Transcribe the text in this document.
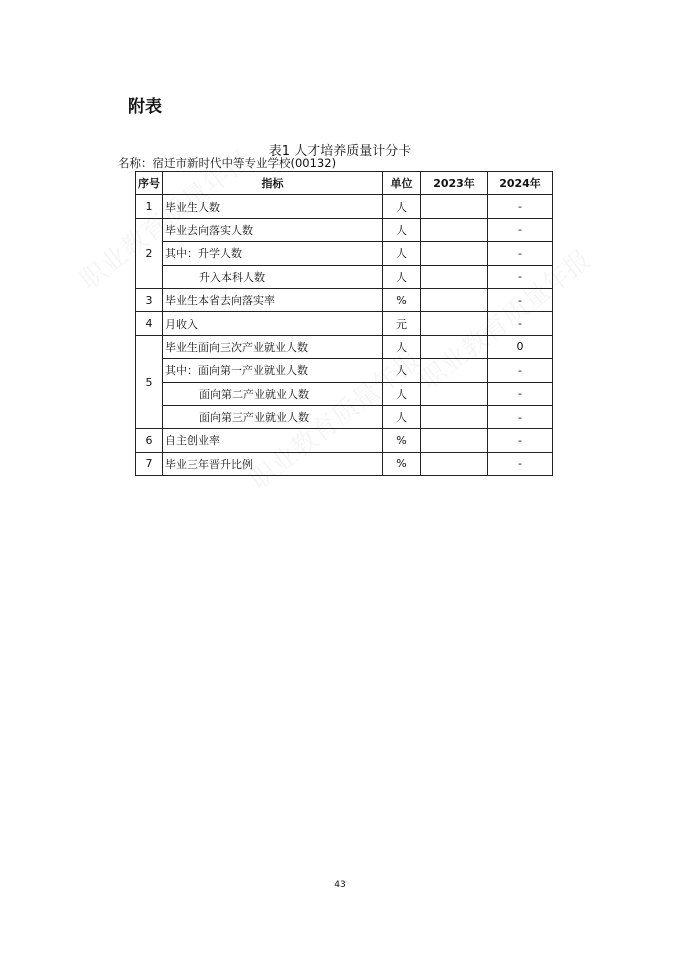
附表
表1 人才培养质量计分卡
名称：宿迁市新时代中等专业学校(00132)
序号	指标	单位	2023年	2024年
1	毕业生人数	人		-
2	毕业去向落实人数	人		-
	其中：升学人数	人		-
	升入本科人数	人		-
3	毕业生本省去向落实率	%		-
4	月收入	元		-
5	毕业生面向三次产业就业人数	人		0
	其中：面向第一产业就业人数	人		-
	面向第二产业就业人数	人		-
	面向第三产业就业人数	人		-
6	自主创业率	%		-
7	毕业三年晋升比例	%		-
43
